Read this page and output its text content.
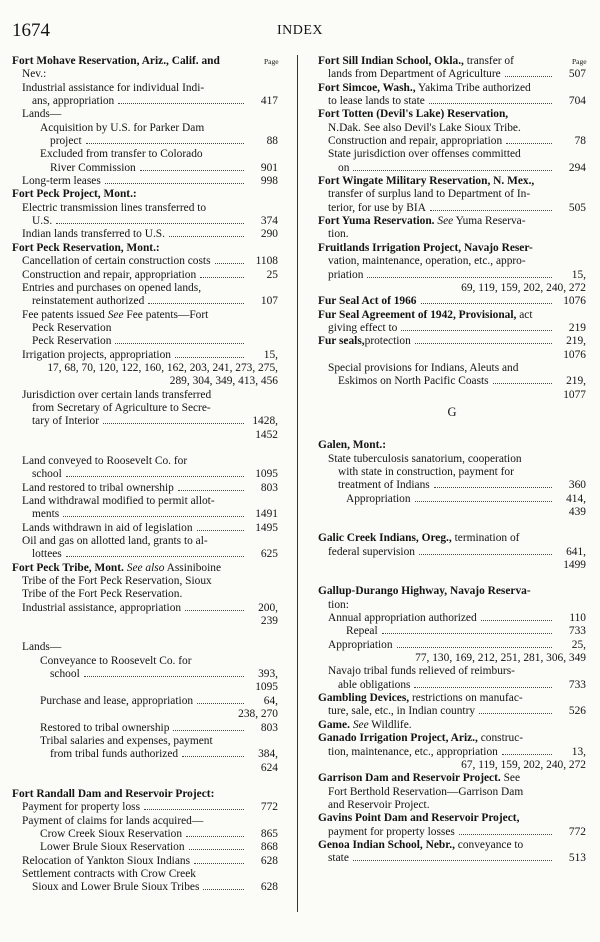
1674	INDEX
Page	Page
Fort Mohave Reservation, Ariz., Calif. and
Nev.:
Industrial assistance for individual Indi-
ans, appropriation	417
Lands—
Acquisition by U.S. for Parker Dam
project	88
Excluded from transfer to Colorado
River Commission	901
Long-term leases	998
Fort Peck Project, Mont.:
Electric transmission lines transferred to
U.S.	374
Indian lands transferred to U.S.	290
Fort Peck Reservation, Mont.:
Cancellation of certain construction costs	1108
Construction and repair, appropriation	25
Entries and purchases on opened lands,
reinstatement authorized	107
Fee patents issued See Fee patents—Fort
Peck Reservation
Peck Reservation
Irrigation projects, appropriation	15,
17, 68, 70, 120, 122, 160, 162, 203, 241, 273, 275,
289, 304, 349, 413, 456
Jurisdiction over certain lands transferred
from Secretary of Agriculture to Secre-
tary of Interior	1428,
1452
Land conveyed to Roosevelt Co. for
school	1095
Land restored to tribal ownership	803
Land withdrawal modified to permit allot-
ments	1491
Lands withdrawn in aid of legislation	1495
Oil and gas on allotted land, grants to al-
lottees	625
Fort Peck Tribe, Mont. See also Assiniboine
Tribe of the Fort Peck Reservation, Sioux
Tribe of the Fort Peck Reservation.
Industrial assistance, appropriation	200,
239
Lands—
Conveyance to Roosevelt Co. for
school	393,
1095
Purchase and lease, appropriation	64,
238, 270
Restored to tribal ownership	803
Tribal salaries and expenses, payment
from tribal funds authorized	384,
624
Fort Randall Dam and Reservoir Project:
Payment for property loss	772
Payment of claims for lands acquired—
Crow Creek Sioux Reservation	865
Lower Brule Sioux Reservation	868
Relocation of Yankton Sioux Indians	628
Settlement contracts with Crow Creek
Sioux and Lower Brule Sioux Tribes	628
Fort Sill Indian School, Okla., transfer of
lands from Department of Agriculture	507
Fort Simcoe, Wash., Yakima Tribe authorized
to lease lands to state	704
Fort Totten (Devil's Lake) Reservation,
N.Dak. See also Devil's Lake Sioux Tribe.
Construction and repair, appropriation	78
State jurisdiction over offenses committed
on	294
Fort Wingate Military Reservation, N. Mex.,
transfer of surplus land to Department of In-
terior, for use by BIA	505
Fort Yuma Reservation. See Yuma Reserva-
tion.
Fruitlands Irrigation Project, Navajo Reser-
vation, maintenance, operation, etc., appro-
priation	15,
69, 119, 159, 202, 240, 272
Fur Seal Act of 1966	1076
Fur Seal Agreement of 1942, Provisional, act
giving effect to	219
Fur seals, protection	219,
1076
Special provisions for Indians, Aleuts and
Eskimos on North Pacific Coasts	219,
1077
G
Galen, Mont.:
State tuberculosis sanatorium, cooperation
with state in construction, payment for
treatment of Indians	360
Appropriation	414,
439
Galic Creek Indians, Oreg., termination of
federal supervision	641,
1499
Gallup-Durango Highway, Navajo Reserva-
tion:
Annual appropriation authorized	110
Repeal	733
Appropriation	25,
77, 130, 169, 212, 251, 281, 306, 349
Navajo tribal funds relieved of reimburs-
able obligations	733
Gambling Devices, restrictions on manufac-
ture, sale, etc., in Indian country	526
Game. See Wildlife.
Ganado Irrigation Project, Ariz., construc-
tion, maintenance, etc., appropriation	13,
67, 119, 159, 202, 240, 272
Garrison Dam and Reservoir Project. See
Fort Berthold Reservation—Garrison Dam
and Reservoir Project.
Gavins Point Dam and Reservoir Project,
payment for property losses	772
Genoa Indian School, Nebr., conveyance to
state	513
